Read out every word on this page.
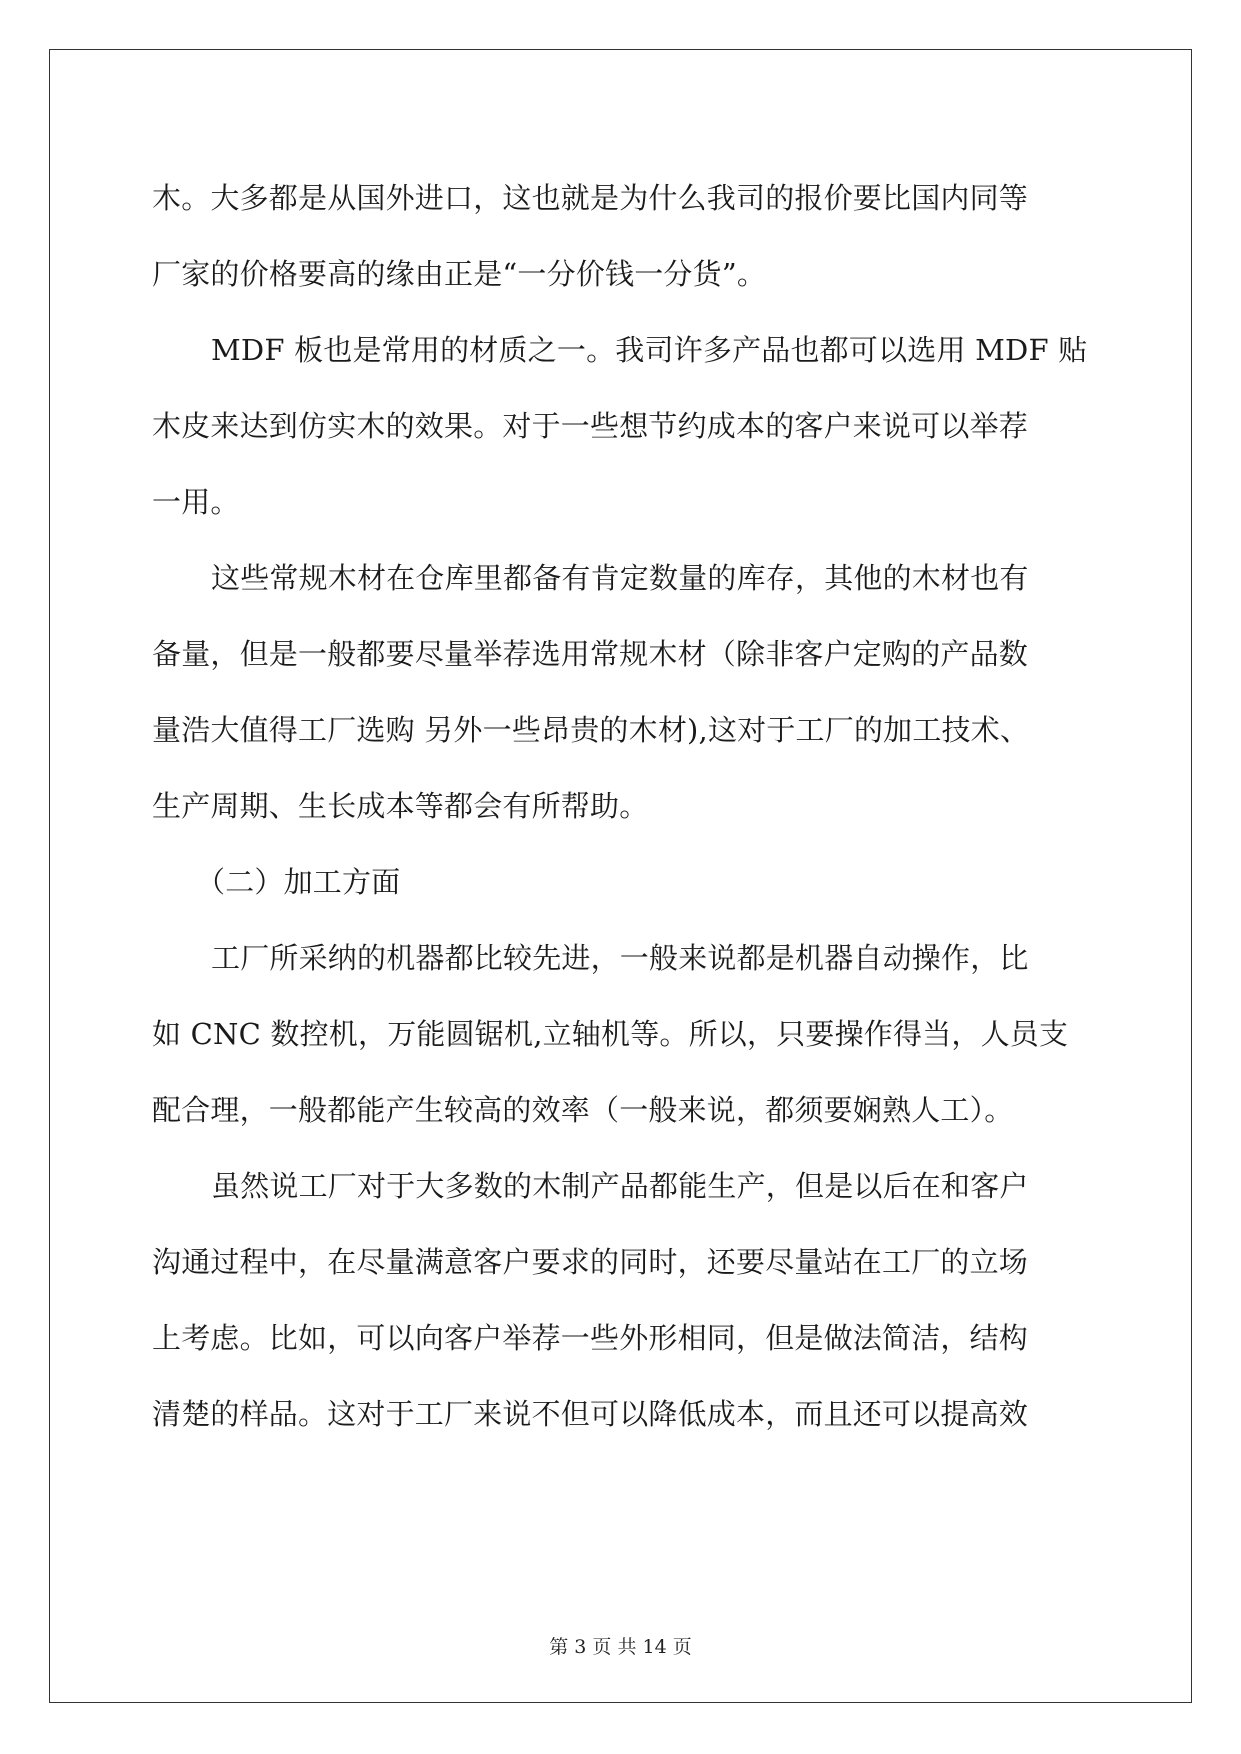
木。大多都是从国外进口，这也就是为什么我司的报价要比国内同等
厂家的价格要高的缘由正是“一分价钱一分货”。
MDF 板也是常用的材质之一。我司许多产品也都可以选用 MDF 贴
木皮来达到仿实木的效果。对于一些想节约成本的客户来说可以举荐
一用。
这些常规木材在仓库里都备有肯定数量的库存，其他的木材也有
备量，但是一般都要尽量举荐选用常规木材（除非客户定购的产品数
量浩大值得工厂选购 另外一些昂贵的木材),这对于工厂的加工技术、
生产周期、生长成本等都会有所帮助。
（二）加工方面
工厂所采纳的机器都比较先进，一般来说都是机器自动操作，比
如 CNC 数控机，万能圆锯机,立轴机等。所以，只要操作得当，人员支
配合理，一般都能产生较高的效率（一般来说，都须要娴熟人工）。
虽然说工厂对于大多数的木制产品都能生产，但是以后在和客户
沟通过程中，在尽量满意客户要求的同时，还要尽量站在工厂的立场
上考虑。比如，可以向客户举荐一些外形相同，但是做法简洁，结构
清楚的样品。这对于工厂来说不但可以降低成本，而且还可以提高效
第 3 页 共 14 页
